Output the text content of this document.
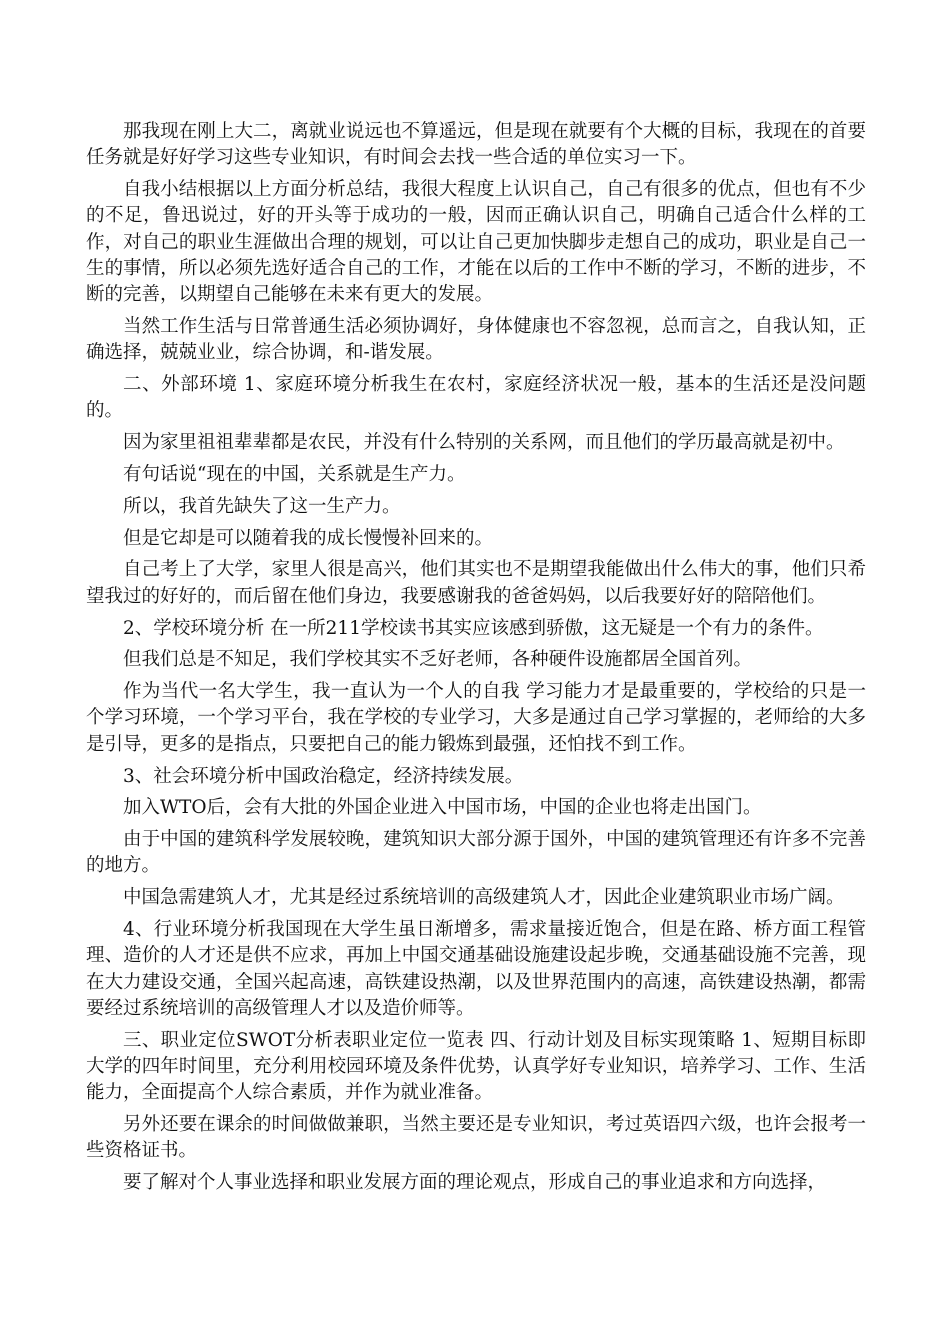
那我现在刚上大二，离就业说远也不算遥远，但是现在就要有个大概的目标，我现在的首要任务就是好好学习这些专业知识，有时间会去找一些合适的单位实习一下。

自我小结根据以上方面分析总结，我很大程度上认识自己，自己有很多的优点，但也有不少的不足，鲁迅说过，好的开头等于成功的一般，因而正确认识自己，明确自己适合什么样的工作，对自己的职业生涯做出合理的规划，可以让自己更加快脚步走想自己的成功，职业是自己一生的事情，所以必须先选好适合自己的工作，才能在以后的工作中不断的学习，不断的进步，不断的完善，以期望自己能够在未来有更大的发展。

当然工作生活与日常普通生活必须协调好，身体健康也不容忽视，总而言之，自我认知，正确选择，兢兢业业，综合协调，和-谐发展。

二、外部环境 1、家庭环境分析我生在农村，家庭经济状况一般，基本的生活还是没问题的。

因为家里祖祖辈辈都是农民，并没有什么特别的关系网，而且他们的学历最高就是初中。

有句话说“现在的中国，关系就是生产力。

所以，我首先缺失了这一生产力。

但是它却是可以随着我的成长慢慢补回来的。

自己考上了大学，家里人很是高兴，他们其实也不是期望我能做出什么伟大的事，他们只希望我过的好好的，而后留在他们身边，我要感谢我的爸爸妈妈，以后我要好好的陪陪他们。

2、学校环境分析 在一所211学校读书其实应该感到骄傲，这无疑是一个有力的条件。

但我们总是不知足，我们学校其实不乏好老师，各种硬件设施都居全国首列。

作为当代一名大学生，我一直认为一个人的自我 学习能力才是最重要的，学校给的只是一个学习环境，一个学习平台，我在学校的专业学习，大多是通过自己学习掌握的，老师给的大多是引导，更多的是指点，只要把自己的能力锻炼到最强，还怕找不到工作。

3、社会环境分析中国政治稳定，经济持续发展。

加入WTO后，会有大批的外国企业进入中国市场，中国的企业也将走出国门。

由于中国的建筑科学发展较晚，建筑知识大部分源于国外，中国的建筑管理还有许多不完善的地方。

中国急需建筑人才，尤其是经过系统培训的高级建筑人才，因此企业建筑职业市场广阔。

4、行业环境分析我国现在大学生虽日渐增多，需求量接近饱合，但是在路、桥方面工程管理、造价的人才还是供不应求，再加上中国交通基础设施建设起步晚，交通基础设施不完善，现在大力建设交通，全国兴起高速，高铁建设热潮，以及世界范围内的高速，高铁建设热潮，都需要经过系统培训的高级管理人才以及造价师等。

三、职业定位SWOT分析表职业定位一览表 四、行动计划及目标实现策略 1、短期目标即大学的四年时间里，充分利用校园环境及条件优势，认真学好专业知识，培养学习、工作、生活能力，全面提高个人综合素质，并作为就业准备。

另外还要在课余的时间做做兼职，当然主要还是专业知识，考过英语四六级，也许会报考一些资格证书。

要了解对个人事业选择和职业发展方面的理论观点，形成自己的事业追求和方向选择，
